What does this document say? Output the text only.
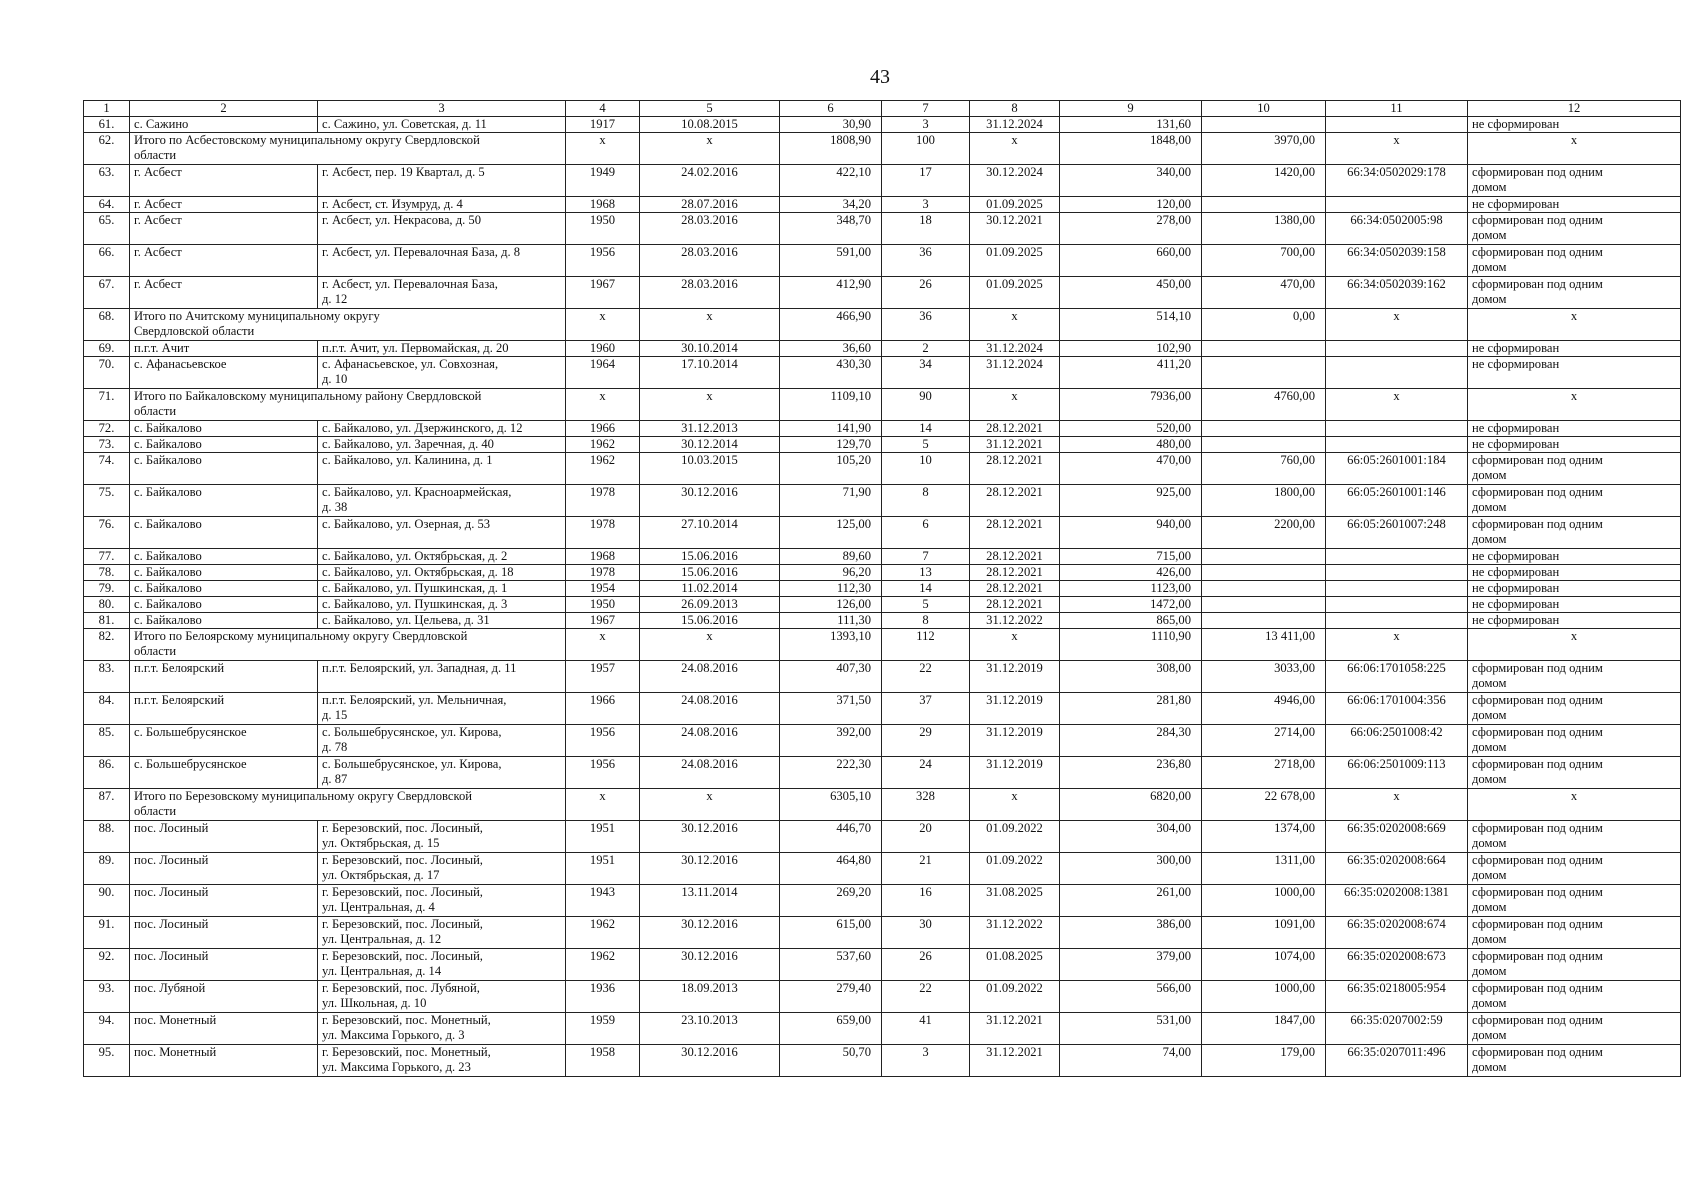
43
1	2	3	4	5	6	7	8	9	10	11	12
61.	с. Сажино	с. Сажино, ул. Советская, д. 11	1917	10.08.2015	30,90	3	31.12.2024	131,60			не сформирован
62.	Итого по Асбестовскому муниципальному округу Свердловской
области		x	x	1808,90	100	x	1848,00	3970,00	x	x
63.	г. Асбест	г. Асбест, пер. 19 Квартал, д. 5	1949	24.02.2016	422,10	17	30.12.2024	340,00	1420,00	66:34:0502029:178	сформирован под одним
домом
64.	г. Асбест	г. Асбест, ст. Изумруд, д. 4	1968	28.07.2016	34,20	3	01.09.2025	120,00			не сформирован
65.	г. Асбест	г. Асбест, ул. Некрасова, д. 50	1950	28.03.2016	348,70	18	30.12.2021	278,00	1380,00	66:34:0502005:98	сформирован под одним
домом
66.	г. Асбест	г. Асбест, ул. Перевалочная База, д. 8	1956	28.03.2016	591,00	36	01.09.2025	660,00	700,00	66:34:0502039:158	сформирован под одним
домом
67.	г. Асбест	г. Асбест, ул. Перевалочная База,
д. 12	1967	28.03.2016	412,90	26	01.09.2025	450,00	470,00	66:34:0502039:162	сформирован под одним
домом
68.	Итого по Ачитскому муниципальному округу
Свердловской области		x	x	466,90	36	x	514,10	0,00	x	x
69.	п.г.т. Ачит	п.г.т. Ачит, ул. Первомайская, д. 20	1960	30.10.2014	36,60	2	31.12.2024	102,90			не сформирован
70.	с. Афанасьевское	с. Афанасьевское, ул. Совхозная,
д. 10	1964	17.10.2014	430,30	34	31.12.2024	411,20			не сформирован
71.	Итого по Байкаловскому муниципальному району Свердловской
области		x	x	1109,10	90	x	7936,00	4760,00	x	x
72.	с. Байкалово	с. Байкалово, ул. Дзержинского, д. 12	1966	31.12.2013	141,90	14	28.12.2021	520,00			не сформирован
73.	с. Байкалово	с. Байкалово, ул. Заречная, д. 40	1962	30.12.2014	129,70	5	31.12.2021	480,00			не сформирован
74.	с. Байкалово	с. Байкалово, ул. Калинина, д. 1	1962	10.03.2015	105,20	10	28.12.2021	470,00	760,00	66:05:2601001:184	сформирован под одним
домом
75.	с. Байкалово	с. Байкалово, ул. Красноармейская,
д. 38	1978	30.12.2016	71,90	8	28.12.2021	925,00	1800,00	66:05:2601001:146	сформирован под одним
домом
76.	с. Байкалово	с. Байкалово, ул. Озерная, д. 53	1978	27.10.2014	125,00	6	28.12.2021	940,00	2200,00	66:05:2601007:248	сформирован под одним
домом
77.	с. Байкалово	с. Байкалово, ул. Октябрьская, д. 2	1968	15.06.2016	89,60	7	28.12.2021	715,00			не сформирован
78.	с. Байкалово	с. Байкалово, ул. Октябрьская, д. 18	1978	15.06.2016	96,20	13	28.12.2021	426,00			не сформирован
79.	с. Байкалово	с. Байкалово, ул. Пушкинская, д. 1	1954	11.02.2014	112,30	14	28.12.2021	1123,00			не сформирован
80.	с. Байкалово	с. Байкалово, ул. Пушкинская, д. 3	1950	26.09.2013	126,00	5	28.12.2021	1472,00			не сформирован
81.	с. Байкалово	с. Байкалово, ул. Цельева, д. 31	1967	15.06.2016	111,30	8	31.12.2022	865,00			не сформирован
82.	Итого по Белоярскому муниципальному округу Свердловской
области		x	x	1393,10	112	x	1110,90	13 411,00	x	x
83.	п.г.т. Белоярский	п.г.т. Белоярский, ул. Западная, д. 11	1957	24.08.2016	407,30	22	31.12.2019	308,00	3033,00	66:06:1701058:225	сформирован под одним
домом
84.	п.г.т. Белоярский	п.г.т. Белоярский, ул. Мельничная,
д. 15	1966	24.08.2016	371,50	37	31.12.2019	281,80	4946,00	66:06:1701004:356	сформирован под одним
домом
85.	с. Большебрусянское	с. Большебрусянское, ул. Кирова,
д. 78	1956	24.08.2016	392,00	29	31.12.2019	284,30	2714,00	66:06:2501008:42	сформирован под одним
домом
86.	с. Большебрусянское	с. Большебрусянское, ул. Кирова,
д. 87	1956	24.08.2016	222,30	24	31.12.2019	236,80	2718,00	66:06:2501009:113	сформирован под одним
домом
87.	Итого по Березовскому муниципальному округу Свердловской
области		x	x	6305,10	328	x	6820,00	22 678,00	x	x
88.	пос. Лосиный	г. Березовский, пос. Лосиный,
ул. Октябрьская, д. 15	1951	30.12.2016	446,70	20	01.09.2022	304,00	1374,00	66:35:0202008:669	сформирован под одним
домом
89.	пос. Лосиный	г. Березовский, пос. Лосиный,
ул. Октябрьская, д. 17	1951	30.12.2016	464,80	21	01.09.2022	300,00	1311,00	66:35:0202008:664	сформирован под одним
домом
90.	пос. Лосиный	г. Березовский, пос. Лосиный,
ул. Центральная, д. 4	1943	13.11.2014	269,20	16	31.08.2025	261,00	1000,00	66:35:0202008:1381	сформирован под одним
домом
91.	пос. Лосиный	г. Березовский, пос. Лосиный,
ул. Центральная, д. 12	1962	30.12.2016	615,00	30	31.12.2022	386,00	1091,00	66:35:0202008:674	сформирован под одним
домом
92.	пос. Лосиный	г. Березовский, пос. Лосиный,
ул. Центральная, д. 14	1962	30.12.2016	537,60	26	01.08.2025	379,00	1074,00	66:35:0202008:673	сформирован под одним
домом
93.	пос. Лубяной	г. Березовский, пос. Лубяной,
ул. Школьная, д. 10	1936	18.09.2013	279,40	22	01.09.2022	566,00	1000,00	66:35:0218005:954	сформирован под одним
домом
94.	пос. Монетный	г. Березовский, пос. Монетный,
ул. Максима Горького, д. 3	1959	23.10.2013	659,00	41	31.12.2021	531,00	1847,00	66:35:0207002:59	сформирован под одним
домом
95.	пос. Монетный	г. Березовский, пос. Монетный,
ул. Максима Горького, д. 23	1958	30.12.2016	50,70	3	31.12.2021	74,00	179,00	66:35:0207011:496	сформирован под одним
домом
